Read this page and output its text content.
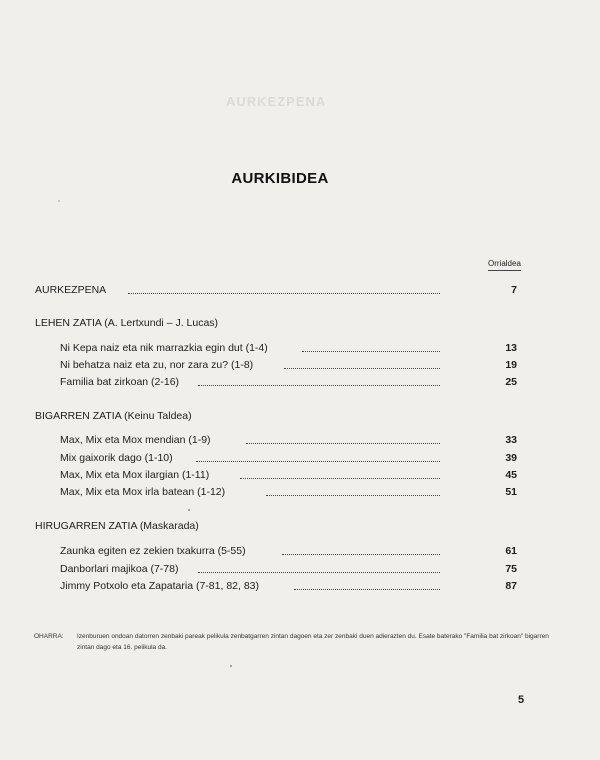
AURKEZPENA
AURKIBIDEA
Orrialdea
AURKEZPENA	7
LEHEN ZATIA (A. Lertxundi – J. Lucas)
Ni Kepa naiz eta nik marrazkia egin dut (1-4)	13
Ni behatza naiz eta zu, nor zara zu? (1-8)	19
Familia bat zirkoan (2-16)	25
BIGARREN ZATIA (Keinu Taldea)
Max, Mix eta Mox mendian (1-9)	33
Mix gaixorik dago (1-10)	39
Max, Mix eta Mox ilargian (1-11)	45
Max, Mix eta Mox irla batean (1-12)	51
HIRUGARREN ZATIA (Maskarada)
Zaunka egiten ez zekien txakurra (5-55)	61
Danborlari majikoa (7-78)	75
Jimmy Potxolo eta Zapataria (7-81, 82, 83)	87
OHARRA: Izenburuen ondoan datorren zenbaki pareak pelikula zenbatgarren zintan dagoen eta zer zenbaki duen adierazten du. Esate baterako "Familia bat zirkoan" bigarren zintan dago eta 16. pelikula da.
5
